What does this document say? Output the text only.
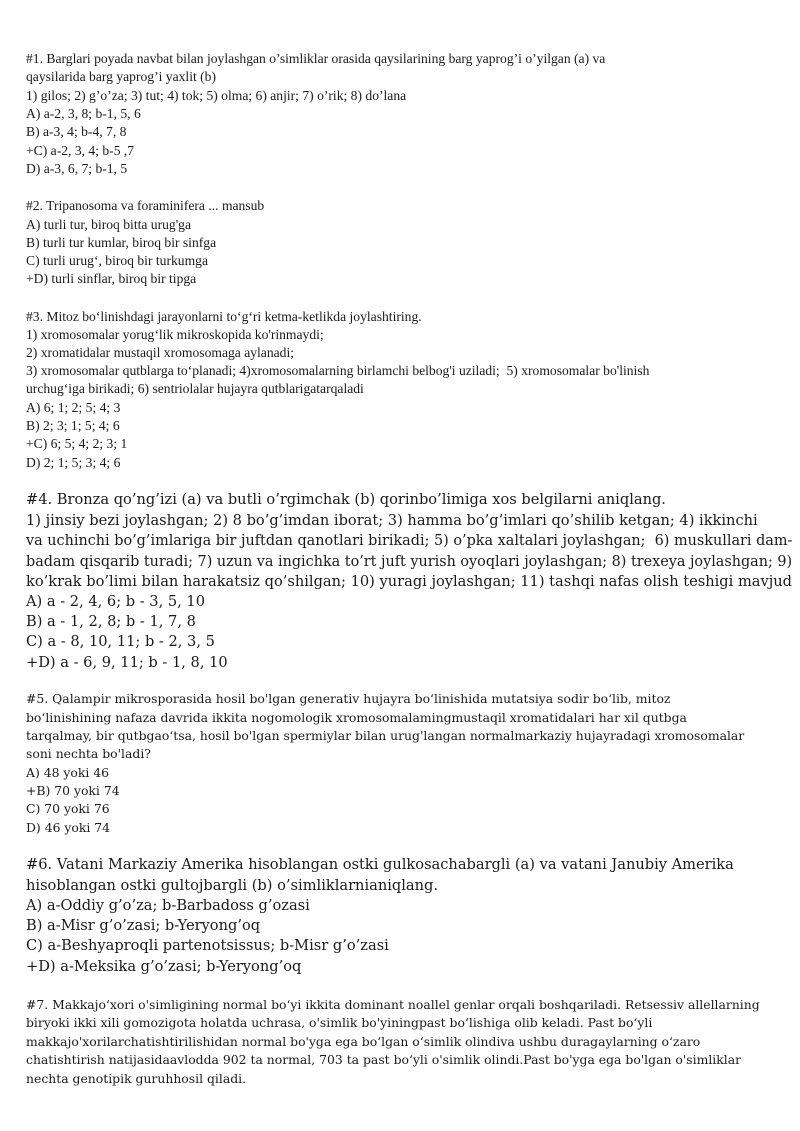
#1. Barglari poyada navbat bilan joylashgan o’simliklar orasida qaysilarining barg yaprog’i o’yilgan (a) va
qaysilarida barg yaprog’i yaxlit (b)
1) gilos; 2) g’o’za; 3) tut; 4) tok; 5) olma; 6) anjir; 7) o’rik; 8) do’lana
A) a-2, 3, 8; b-1, 5, 6
B) a-3, 4; b-4, 7, 8
+C) a-2, 3, 4; b-5 ,7
D) a-3, 6, 7; b-1, 5
#2. Tripanosoma va foraminifera ... mansub
A) turli tur, biroq bitta urug'ga
B) turli tur kumlar, biroq bir sinfga
C) turli urug‘, biroq bir turkumga
+D) turli sinflar, biroq bir tipga
#3. Mitoz bo‘linishdagi jarayonlarni to‘g‘ri ketma-ketlikda joylashtiring.
1) xromosomalar yorug‘lik mikroskopida ko'rinmaydi;
2) xromatidalar mustaqil xromosomaga aylanadi;
3) xromosomalar qutblarga to‘planadi; 4)xromosomalarning birlamchi belbog'i uziladi;  5) xromosomalar bo'linish
urchug‘iga birikadi; 6) sentriolalar hujayra qutblarigatarqaladi
A) 6; 1; 2; 5; 4; 3
B) 2; 3; 1; 5; 4; 6
+C) 6; 5; 4; 2; 3; 1
D) 2; 1; 5; 3; 4; 6
#4. Bronza qo’ng’izi (a) va butli o’rgimchak (b) qorinbo’limiga xos belgilarni aniqlang.
1) jinsiy bezi joylashgan; 2) 8 bo’g’imdan iborat; 3) hamma bo’g’imlari qo’shilib ketgan; 4) ikkinchi
va uchinchi bo’g’imlariga bir juftdan qanotlari birikadi; 5) o’pka xaltalari joylashgan;  6) muskullari dam-
badam qisqarib turadi; 7) uzun va ingichka to’rt juft yurish oyoqlari joylashgan; 8) trexeya joylashgan; 9)
ko’krak bo’limi bilan harakatsiz qo’shilgan; 10) yuragi joylashgan; 11) tashqi nafas olish teshigi mavjud
A) a - 2, 4, 6; b - 3, 5, 10
B) a - 1, 2, 8; b - 1, 7, 8
C) a - 8, 10, 11; b - 2, 3, 5
+D) a - 6, 9, 11; b - 1, 8, 10
#5. Qalampir mikrosporasida hosil bo'lgan generativ hujayra bo‘linishida mutatsiya sodir bo‘lib, mitoz
bo‘linishining nafaza davrida ikkita nogomologik xromosomalamingmustaqil xromatidalari har xil qutbga
tarqalmay, bir qutbgao‘tsa, hosil bo'lgan spermiylar bilan urug'langan normalmarkaziy hujayradagi xromosomalar
soni nechta bo'ladi?
A) 48 yoki 46
+B) 70 yoki 74
C) 70 yoki 76
D) 46 yoki 74
#6. Vatani Markaziy Amerika hisoblangan ostki gulkosachabargli (a) va vatani Janubiy Amerika
hisoblangan ostki gultojbargli (b) o’simliklarnianiqlang.
A) a-Oddiy g’o’za; b-Barbadoss g’ozasi
B) a-Misr g’o’zasi; b-Yeryong’oq
C) a-Beshyaproqli partenotsissus; b-Misr g’o’zasi
+D) a-Meksika g’o’zasi; b-Yeryong’oq
#7. Makkajo‘xori o'simligining normal bo‘yi ikkita dominant noallel genlar orqali boshqariladi. Retsessiv allellarning
biryoki ikki xili gomozigota holatda uchrasa, o'simlik bo'yiningpast bo‘lishiga olib keladi. Past bo‘yli
makkajo'xorilarchatishtirilishidan normal bo'yga ega bo‘lgan o‘simlik olindiva ushbu duragaylarning o‘zaro
chatishtirish natijasidaavlodda 902 ta normal, 703 ta past bo‘yli o'simlik olindi.Past bo'yga ega bo'lgan o'simliklar
nechta genotipik guruhhosil qiladi.
